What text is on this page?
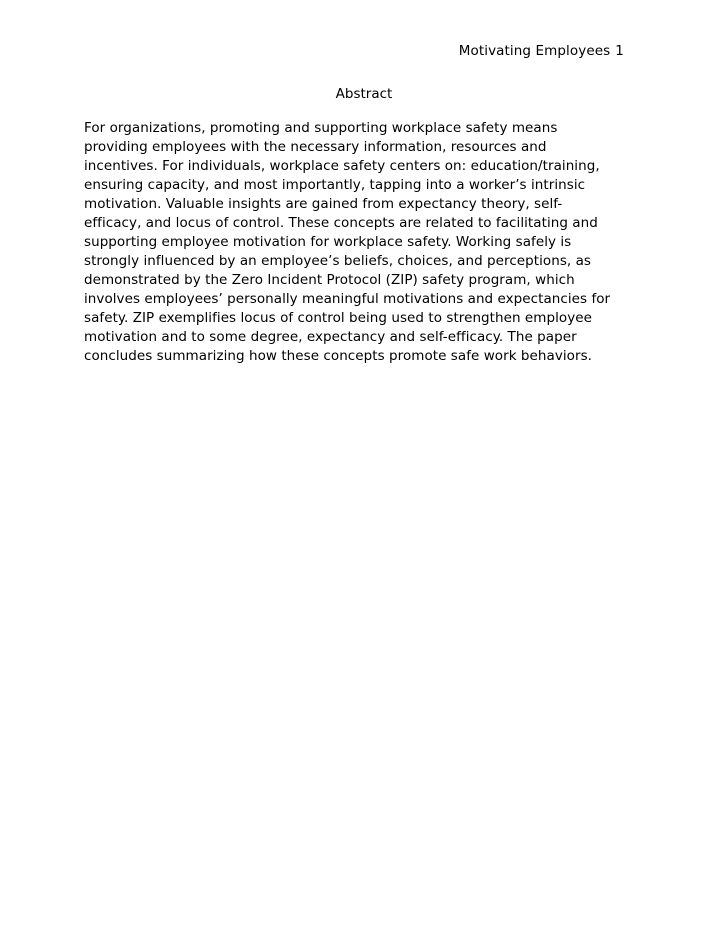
Motivating Employees 1
Abstract
For organizations, promoting and supporting workplace safety means
providing employees with the necessary information, resources and
incentives. For individuals, workplace safety centers on: education/training,
ensuring capacity, and most importantly, tapping into a worker’s intrinsic
motivation. Valuable insights are gained from expectancy theory, self-
efficacy, and locus of control. These concepts are related to facilitating and
supporting employee motivation for workplace safety. Working safely is
strongly influenced by an employee’s beliefs, choices, and perceptions, as
demonstrated by the Zero Incident Protocol (ZIP) safety program, which
involves employees’ personally meaningful motivations and expectancies for
safety. ZIP exemplifies locus of control being used to strengthen employee
motivation and to some degree, expectancy and self-efficacy. The paper
concludes summarizing how these concepts promote safe work behaviors.
